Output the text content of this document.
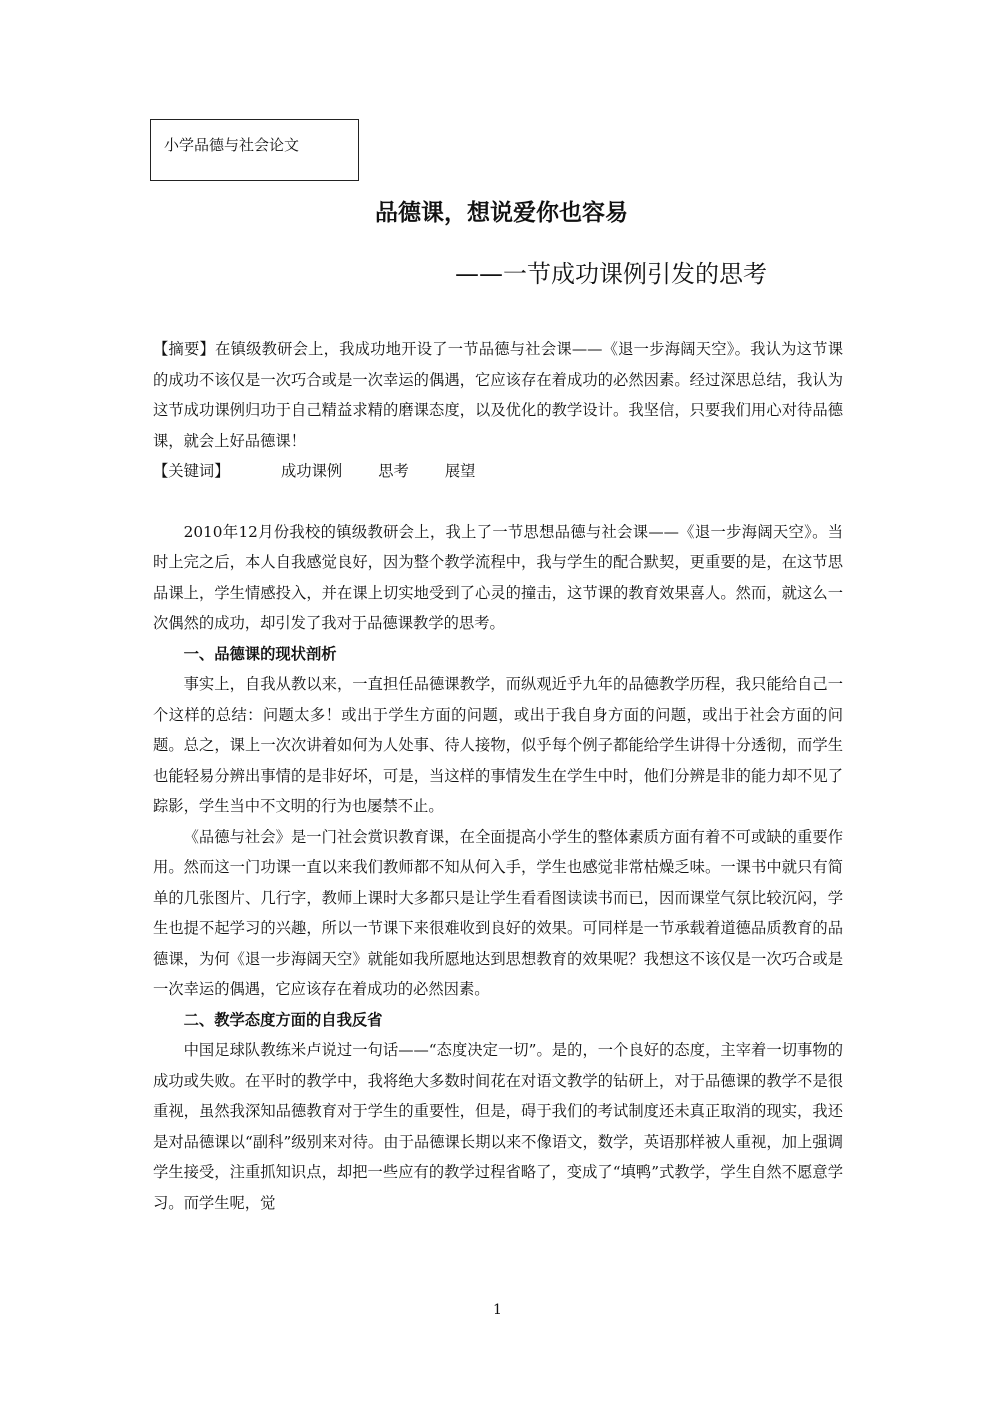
小学品德与社会论文
品德课，想说爱你也容易
——一节成功课例引发的思考

【摘要】在镇级教研会上，我成功地开设了一节品德与社会课——《退一步海阔天空》。我认为这节课的成功不该仅是一次巧合或是一次幸运的偶遇，它应该存在着成功的必然因素。经过深思总结，我认为这节成功课例归功于自己精益求精的磨课态度，以及优化的教学设计。我坚信，只要我们用心对待品德课，就会上好品德课！

【关键词】	成功课例 思考 展望

2010年12月份我校的镇级教研会上，我上了一节思想品德与社会课——《退一步海阔天空》。当时上完之后，本人自我感觉良好，因为整个教学流程中，我与学生的配合默契，更重要的是，在这节思品课上，学生情感投入，并在课上切实地受到了心灵的撞击，这节课的教育效果喜人。然而，就这么一次偶然的成功，却引发了我对于品德课教学的思考。

一、品德课的现状剖析

事实上，自我从教以来，一直担任品德课教学，而纵观近乎九年的品德教学历程，我只能给自己一个这样的总结：问题太多！或出于学生方面的问题，或出于我自身方面的问题，或出于社会方面的问题。总之，课上一次次讲着如何为人处事、待人接物，似乎每个例子都能给学生讲得十分透彻，而学生也能轻易分辨出事情的是非好坏，可是，当这样的事情发生在学生中时，他们分辨是非的能力却不见了踪影，学生当中不文明的行为也屡禁不止。

《品德与社会》是一门社会赏识教育课，在全面提高小学生的整体素质方面有着不可或缺的重要作用。然而这一门功课一直以来我们教师都不知从何入手，学生也感觉非常枯燥乏味。一课书中就只有简单的几张图片、几行字，教师上课时大多都只是让学生看看图读读书而已，因而课堂气氛比较沉闷，学生也提不起学习的兴趣，所以一节课下来很难收到良好的效果。可同样是一节承载着道德品质教育的品德课，为何《退一步海阔天空》就能如我所愿地达到思想教育的效果呢？我想这不该仅是一次巧合或是一次幸运的偶遇，它应该存在着成功的必然因素。

二、教学态度方面的自我反省

中国足球队教练米卢说过一句话——“态度决定一切”。是的，一个良好的态度，主宰着一切事物的成功或失败。在平时的教学中，我将绝大多数时间花在对语文教学的钻研上，对于品德课的教学不是很重视，虽然我深知品德教育对于学生的重要性，但是，碍于我们的考试制度还未真正取消的现实，我还是对品德课以“副科”级别来对待。由于品德课长期以来不像语文，数学，英语那样被人重视，加上强调学生接受，注重抓知识点，却把一些应有的教学过程省略了，变成了“填鸭”式教学，学生自然不愿意学习。而学生呢，觉

1
